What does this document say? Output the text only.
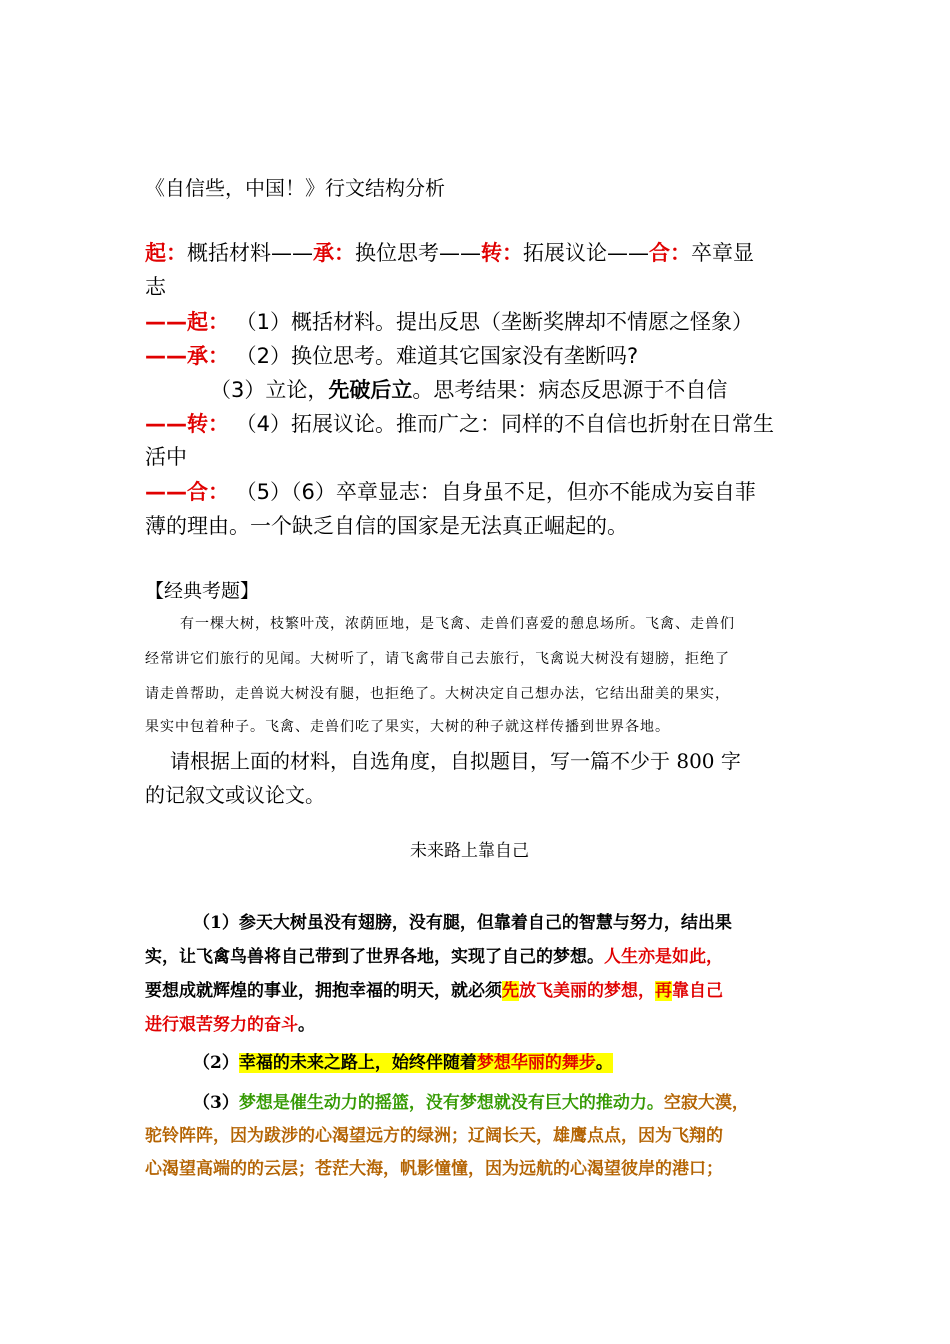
《自信些，中国！》行文结构分析
起：概括材料——承：换位思考——转：拓展议论——合：卒章显
志
——起： （1）概括材料。提出反思（垄断奖牌却不情愿之怪象）
——承： （2）换位思考。难道其它国家没有垄断吗?
（3）立论，先破后立。思考结果：病态反思源于不自信
——转： （4）拓展议论。推而广之：同样的不自信也折射在日常生
活中
——合： （5）（6）卒章显志：自身虽不足，但亦不能成为妄自菲
薄的理由。一个缺乏自信的国家是无法真正崛起的。
【经典考题】
有一棵大树，枝繁叶茂，浓荫匝地，是飞禽、走兽们喜爱的憩息场所。飞禽、走兽们
经常讲它们旅行的见闻。大树听了，请飞禽带自己去旅行，飞禽说大树没有翅膀，拒绝了
请走兽帮助，走兽说大树没有腿，也拒绝了。大树决定自己想办法，它结出甜美的果实，
果实中包着种子。飞禽、走兽们吃了果实，大树的种子就这样传播到世界各地。
请根据上面的材料，自选角度，自拟题目，写一篇不少于 800 字
的记叙文或议论文。
未来路上靠自己
（1）参天大树虽没有翅膀，没有腿，但靠着自己的智慧与努力，结出果
实，让飞禽鸟兽将自己带到了世界各地，实现了自己的梦想。人生亦是如此，
要想成就辉煌的事业，拥抱幸福的明天，就必须先放飞美丽的梦想，再靠自己
进行艰苦努力的奋斗。
（2）幸福的未来之路上，始终伴随着梦想华丽的舞步。
（3）梦想是催生动力的摇篮，没有梦想就没有巨大的推动力。空寂大漠，
驼铃阵阵，因为跋涉的心渴望远方的绿洲；辽阔长天，雄鹰点点，因为飞翔的
心渴望高端的的云层；苍茫大海，帆影憧憧，因为远航的心渴望彼岸的港口；
